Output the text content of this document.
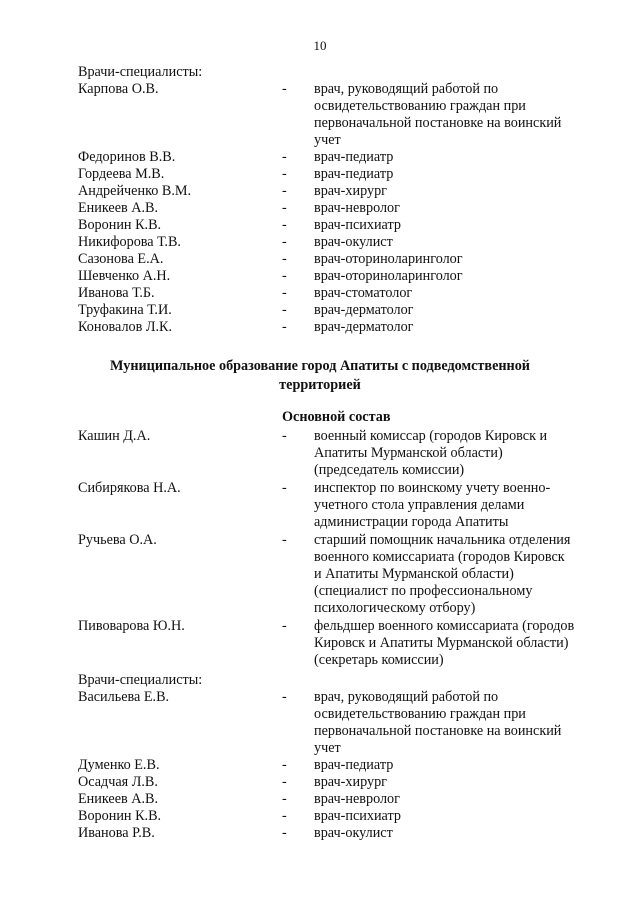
10
Врачи-специалисты:
Карпова О.В.	- врач, руководящий работой по
освидетельствованию граждан при
первоначальной постановке на воинский
учет
Федоринов В.В.	- врач-педиатр
Гордеева М.В.	- врач-педиатр
Андрейченко В.М.	- врач-хирург
Еникеев А.В.	- врач-невролог
Воронин К.В.	- врач-психиатр
Никифорова Т.В.	- врач-окулист
Сазонова Е.А.	- врач-оториноларинголог
Шевченко А.Н.	- врач-оториноларинголог
Иванова Т.Б.	- врач-стоматолог
Труфакина Т.И.	- врач-дерматолог
Коновалов Л.К.	- врач-дерматолог
Муниципальное образование город Апатиты с подведомственной
территорией
Основной состав
Кашин Д.А.	- военный комиссар (городов Кировск и
Апатиты Мурманской области)
(председатель комиссии)
Сибирякова Н.А.	- инспектор по воинскому учету военно-
учетного стола управления делами
администрации города Апатиты
Ручьева О.А.	- старший помощник начальника отделения
военного комиссариата (городов Кировск
и Апатиты Мурманской области)
(специалист по профессиональному
психологическому отбору)
Пивоварова Ю.Н.	- фельдшер военного комиссариата (городов
Кировск и Апатиты Мурманской области)
(секретарь комиссии)
Врачи-специалисты:
Васильева Е.В.	- врач, руководящий работой по
освидетельствованию граждан при
первоначальной постановке на воинский
учет
Думенко Е.В.	- врач-педиатр
Осадчая Л.В.	- врач-хирург
Еникеев А.В.	- врач-невролог
Воронин К.В.	- врач-психиатр
Иванова Р.В.	- врач-окулист
